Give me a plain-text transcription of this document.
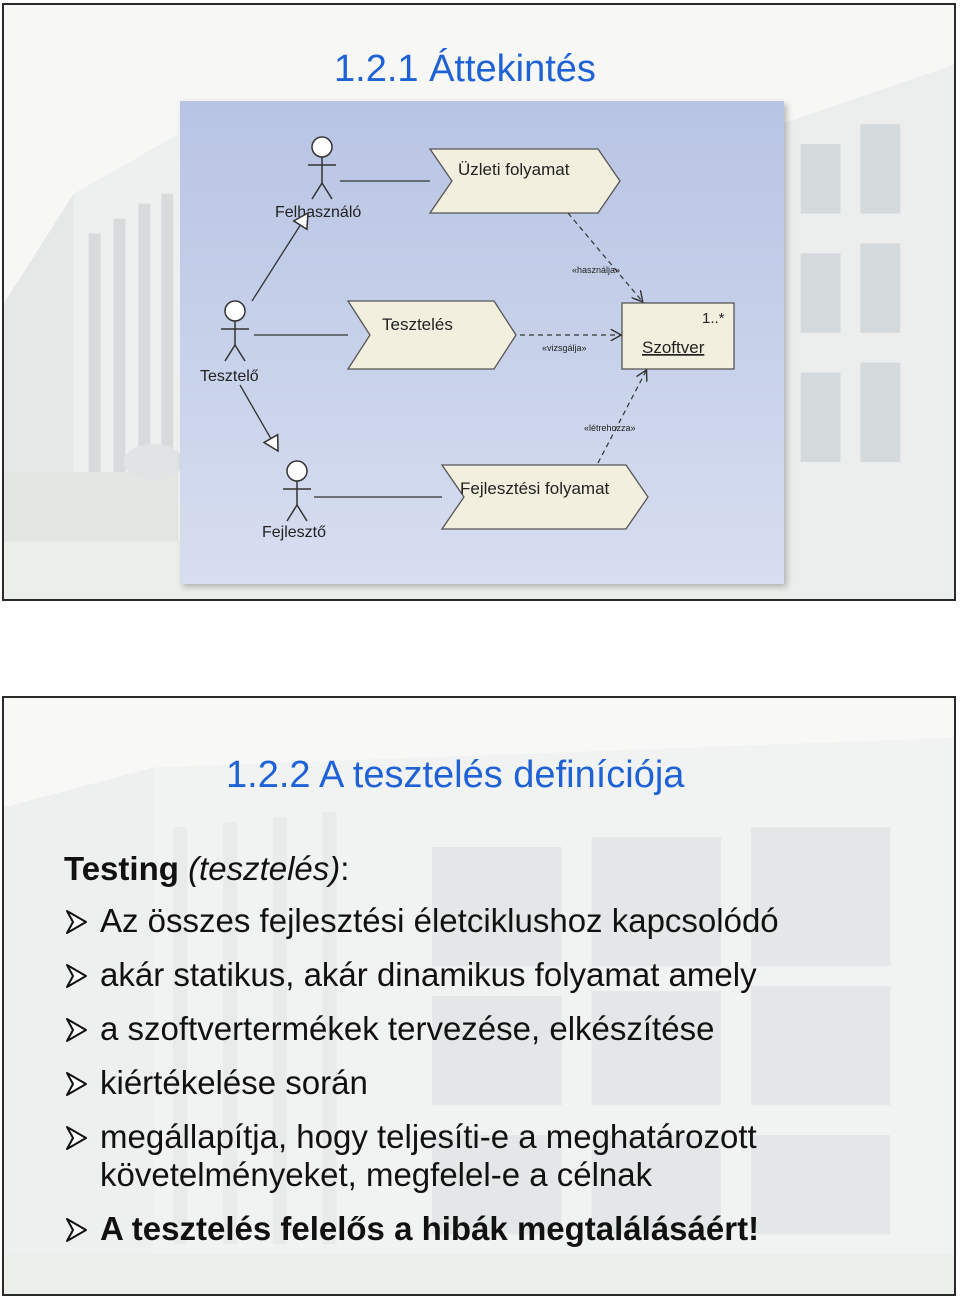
1.2.1 Áttekintés
Felhasználó
Tesztelő
Fejlesztő
Üzleti folyamat
Tesztelés
Fejlesztési folyamat
1..*
Szoftver
«használja»
«vizsgálja»
«létrehozza»
1.2.2 A tesztelés definíciója
Testing (tesztelés):
Az összes fejlesztési életciklushoz kapcsolódó
akár statikus, akár dinamikus folyamat amely
a szoftvertermékek tervezése, elkészítése
kiértékelése során
megállapítja, hogy teljesíti-e a meghatározott követelményeket, megfelel-e a célnak
A tesztelés felelős a hibák megtalálásáért!
